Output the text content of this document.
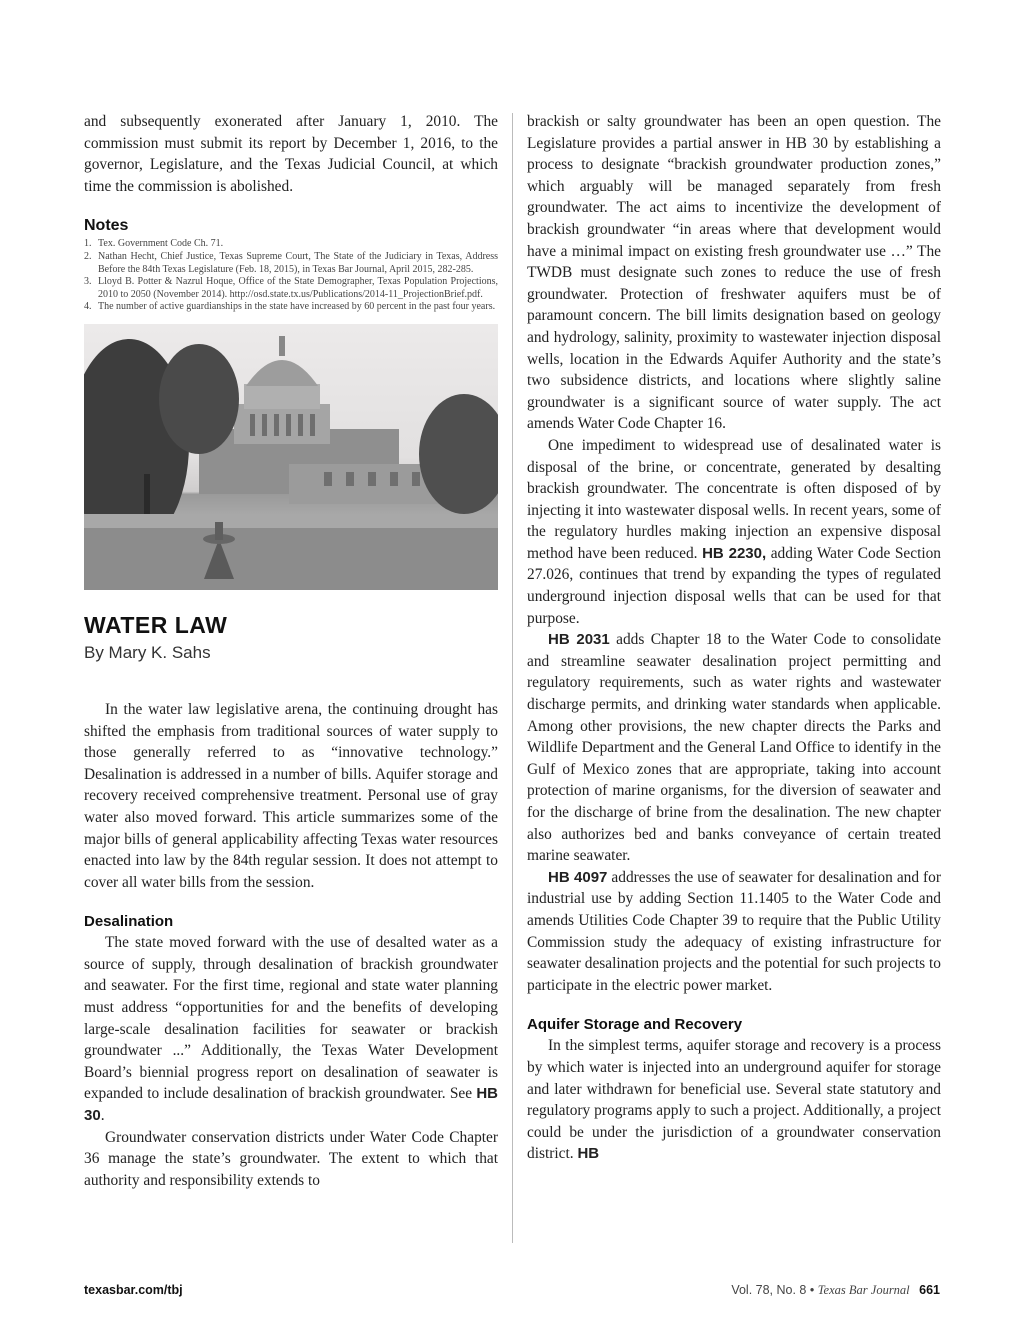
and subsequently exonerated after January 1, 2010. The commission must submit its report by December 1, 2016, to the governor, Legislature, and the Texas Judicial Council, at which time the commission is abolished.

Notes
1. Tex. Government Code Ch. 71.
2. Nathan Hecht, Chief Justice, Texas Supreme Court, The State of the Judiciary in Texas, Address Before the 84th Texas Legislature (Feb. 18, 2015), in Texas Bar Journal, April 2015, 282-285.
3. Lloyd B. Potter & Nazrul Hoque, Office of the State Demographer, Texas Population Projections, 2010 to 2050 (November 2014). http://osd.state.tx.us/Publications/2014-11_ProjectionBrief.pdf.
4. The number of active guardianships in the state have increased by 60 percent in the past four years.
WATER LAW
By Mary K. Sahs

In the water law legislative arena, the continuing drought has shifted the emphasis from traditional sources of water supply to those generally referred to as “innovative technology.” Desalination is addressed in a number of bills. Aquifer storage and recovery received comprehensive treatment. Personal use of gray water also moved forward. This article summarizes some of the major bills of general applicability affecting Texas water resources enacted into law by the 84th regular session. It does not attempt to cover all water bills from the session.

Desalination

The state moved forward with the use of desalted water as a source of supply, through desalination of brackish groundwater and seawater. For the first time, regional and state water planning must address “opportunities for and the benefits of developing large-scale desalination facilities for seawater or brackish groundwater ...” Additionally, the Texas Water Development Board’s biennial progress report on desalination of seawater is expanded to include desalination of brackish groundwater. See HB 30.

Groundwater conservation districts under Water Code Chapter 36 manage the state’s groundwater. The extent to which that authority and responsibility extends to

brackish or salty groundwater has been an open question. The Legislature provides a partial answer in HB 30 by establishing a process to designate “brackish groundwater production zones,” which arguably will be managed separately from fresh groundwater. The act aims to incentivize the development of brackish groundwater “in areas where that development would have a minimal impact on existing fresh groundwater use …” The TWDB must designate such zones to reduce the use of fresh groundwater. Protection of freshwater aquifers must be of paramount concern. The bill limits designation based on geology and hydrology, salinity, proximity to wastewater injection disposal wells, location in the Edwards Aquifer Authority and the state’s two subsidence districts, and locations where slightly saline groundwater is a significant source of water supply. The act amends Water Code Chapter 16.

One impediment to widespread use of desalinated water is disposal of the brine, or concentrate, generated by desalting brackish groundwater. The concentrate is often disposed of by injecting it into wastewater disposal wells. In recent years, some of the regulatory hurdles making injection an expensive disposal method have been reduced. HB 2230, adding Water Code Section 27.026, continues that trend by expanding the types of regulated underground injection disposal wells that can be used for that purpose.

HB 2031 adds Chapter 18 to the Water Code to consolidate and streamline seawater desalination project permitting and regulatory requirements, such as water rights and wastewater discharge permits, and drinking water standards when applicable. Among other provisions, the new chapter directs the Parks and Wildlife Department and the General Land Office to identify in the Gulf of Mexico zones that are appropriate, taking into account protection of marine organisms, for the diversion of seawater and for the discharge of brine from the desalination. The new chapter also authorizes bed and banks conveyance of certain treated marine seawater.

HB 4097 addresses the use of seawater for desalination and for industrial use by adding Section 11.1405 to the Water Code and amends Utilities Code Chapter 39 to require that the Public Utility Commission study the adequacy of existing infrastructure for seawater desalination projects and the potential for such projects to participate in the electric power market.

Aquifer Storage and Recovery

In the simplest terms, aquifer storage and recovery is a process by which water is injected into an underground aquifer for storage and later withdrawn for beneficial use. Several state statutory and regulatory programs apply to such a project. Additionally, a project could be under the jurisdiction of a groundwater conservation district. HB

texasbar.com/tbj	Vol. 78, No. 8 • Texas Bar Journal 661
